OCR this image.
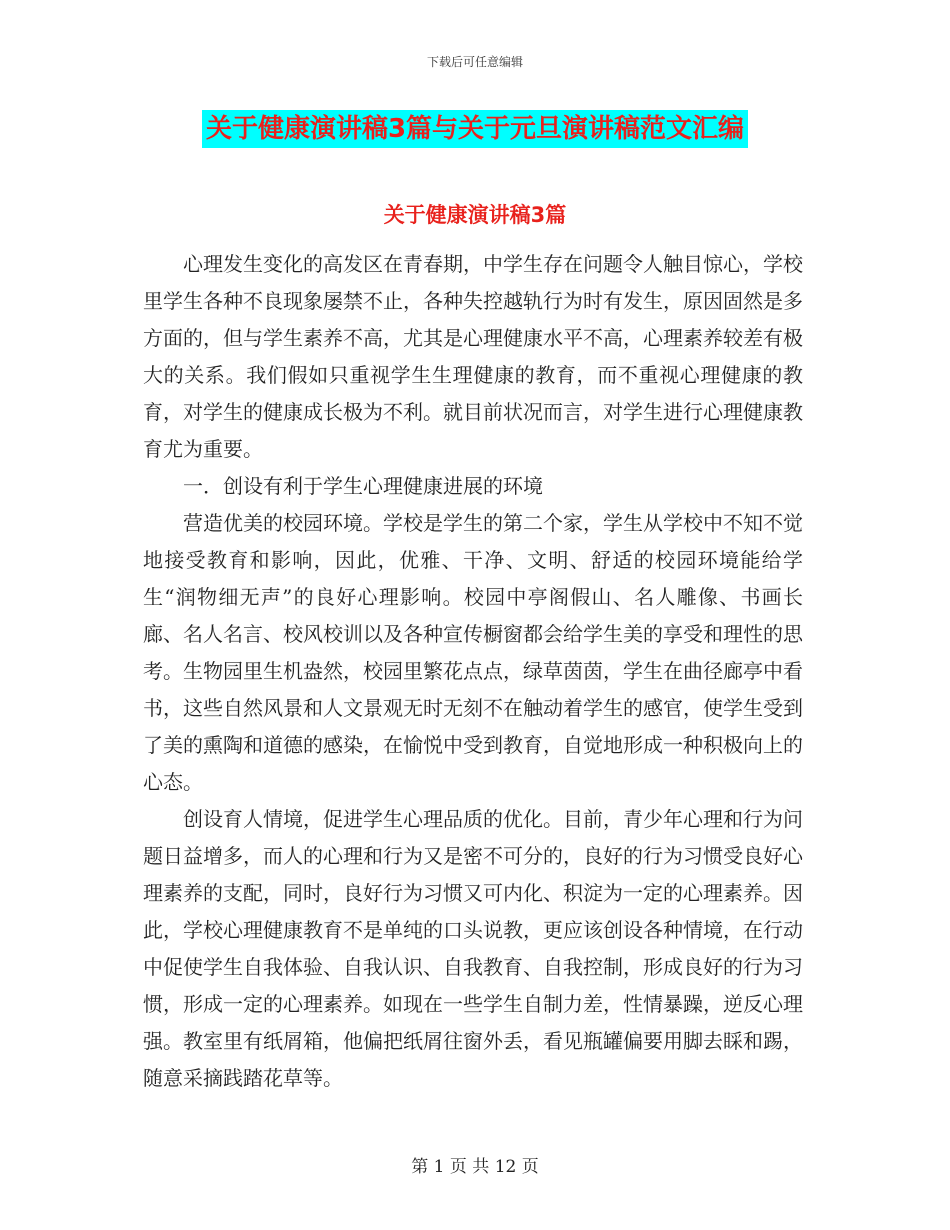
下载后可任意编辑
关于健康演讲稿3篇与关于元旦演讲稿范文汇编
关于健康演讲稿3篇

心理发生变化的高发区在青春期，中学生存在问题令人触目惊心，学校里学生各种不良现象屡禁不止，各种失控越轨行为时有发生，原因固然是多方面的，但与学生素养不高，尤其是心理健康水平不高，心理素养较差有极大的关系。我们假如只重视学生生理健康的教育，而不重视心理健康的教育，对学生的健康成长极为不利。就目前状况而言，对学生进行心理健康教育尤为重要。

一．创设有利于学生心理健康进展的环境

营造优美的校园环境。学校是学生的第二个家，学生从学校中不知不觉地接受教育和影响，因此，优雅、干净、文明、舒适的校园环境能给学生“润物细无声”的良好心理影响。校园中亭阁假山、名人雕像、书画长廊、名人名言、校风校训以及各种宣传橱窗都会给学生美的享受和理性的思考。生物园里生机盎然，校园里繁花点点，绿草茵茵，学生在曲径廊亭中看书，这些自然风景和人文景观无时无刻不在触动着学生的感官，使学生受到了美的熏陶和道德的感染，在愉悦中受到教育，自觉地形成一种积极向上的心态。

创设育人情境，促进学生心理品质的优化。目前，青少年心理和行为问题日益增多，而人的心理和行为又是密不可分的，良好的行为习惯受良好心理素养的支配，同时，良好行为习惯又可内化、积淀为一定的心理素养。因此，学校心理健康教育不是单纯的口头说教，更应该创设各种情境，在行动中促使学生自我体验、自我认识、自我教育、自我控制，形成良好的行为习惯，形成一定的心理素养。如现在一些学生自制力差，性情暴躁，逆反心理强。教室里有纸屑箱，他偏把纸屑往窗外丢，看见瓶罐偏要用脚去睬和踢，随意采摘践踏花草等。

第 1 页 共 12 页
